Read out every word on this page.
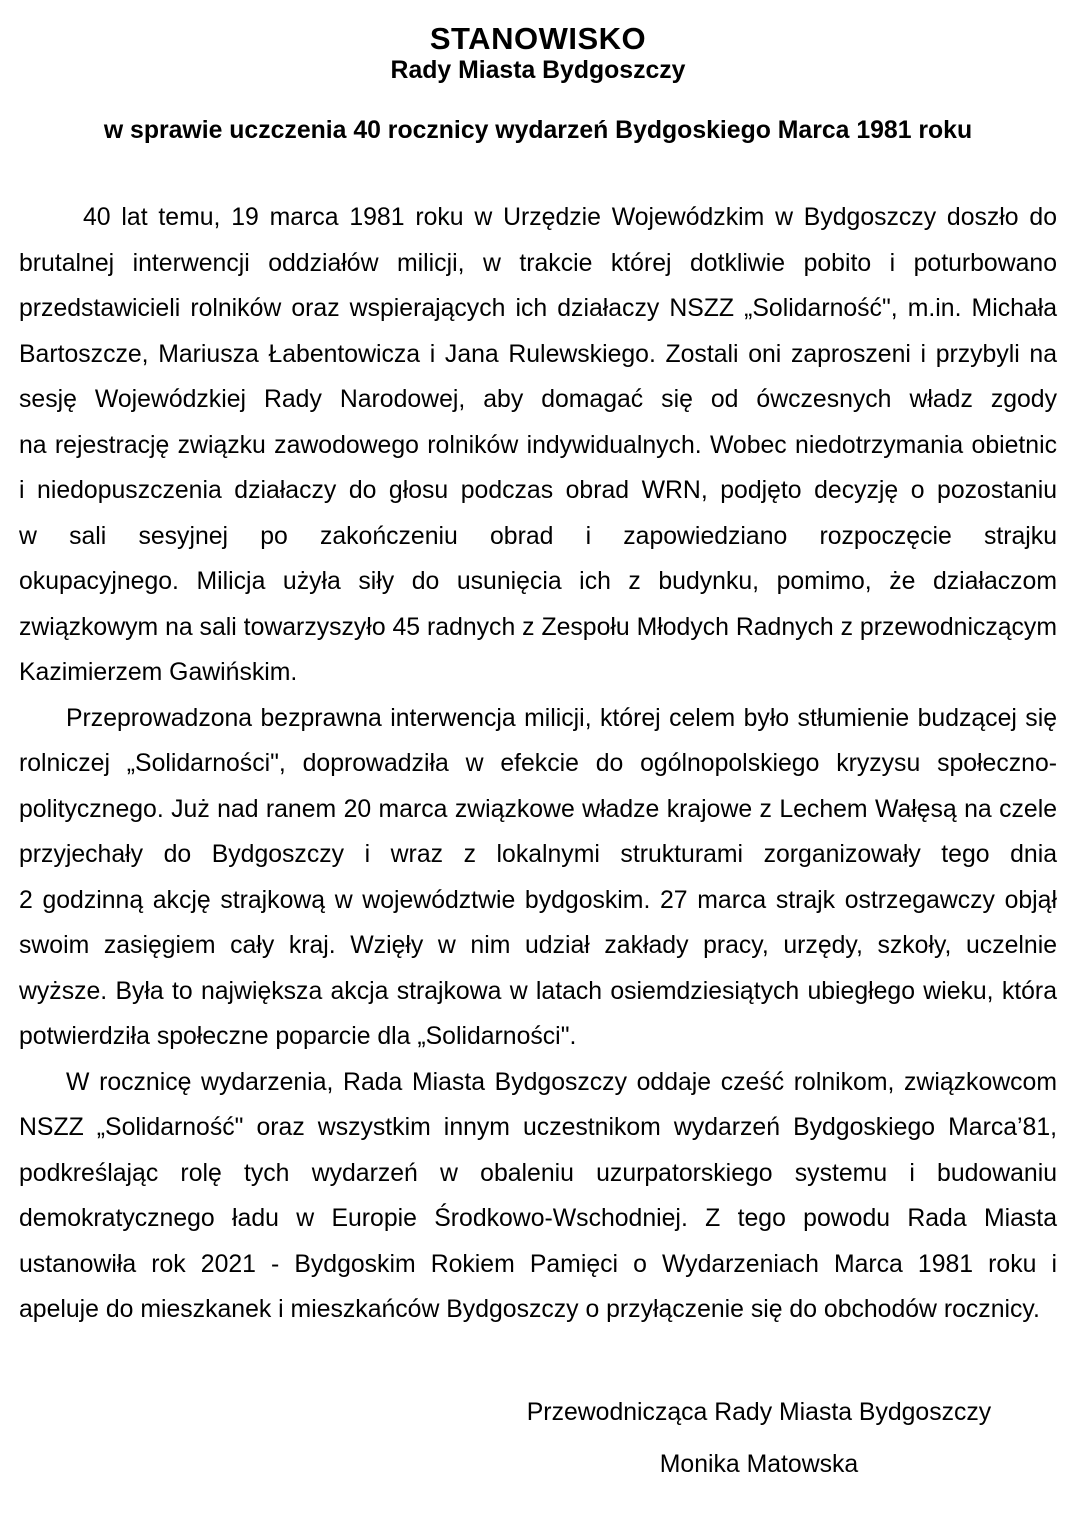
STANOWISKO
Rady Miasta Bydgoszczy
w sprawie uczczenia 40 rocznicy wydarzeń Bydgoskiego Marca 1981 roku

40 lat temu, 19 marca 1981 roku w Urzędzie Wojewódzkim w Bydgoszczy doszło do brutalnej interwencji oddziałów milicji, w trakcie której dotkliwie pobito i poturbowano przedstawicieli rolników oraz wspierających ich działaczy NSZZ „Solidarność", m.in. Michała Bartoszcze, Mariusza Łabentowicza i Jana Rulewskiego. Zostali oni zaproszeni i przybyli na sesję Wojewódzkiej Rady Narodowej, aby domagać się od ówczesnych władz zgody na rejestrację związku zawodowego rolników indywidualnych. Wobec niedotrzymania obietnic i niedopuszczenia działaczy do głosu podczas obrad WRN, podjęto decyzję o pozostaniu w sali sesyjnej po zakończeniu obrad i zapowiedziano rozpoczęcie strajku okupacyjnego. Milicja użyła siły do usunięcia ich z budynku, pomimo, że działaczom związkowym na sali towarzyszyło 45 radnych z Zespołu Młodych Radnych z przewodniczącym Kazimierzem Gawińskim.

Przeprowadzona bezprawna interwencja milicji, której celem było stłumienie budzącej się rolniczej „Solidarności", doprowadziła w efekcie do ogólnopolskiego kryzysu społeczno-politycznego. Już nad ranem 20 marca związkowe władze krajowe z Lechem Wałęsą na czele przyjechały do Bydgoszczy i wraz z lokalnymi strukturami zorganizowały tego dnia 2 godzinną akcję strajkową w województwie bydgoskim. 27 marca strajk ostrzegawczy objął swoim zasięgiem cały kraj. Wzięły w nim udział zakłady pracy, urzędy, szkoły, uczelnie wyższe. Była to największa akcja strajkowa w latach osiemdziesiątych ubiegłego wieku, która potwierdziła społeczne poparcie dla „Solidarności".

W rocznicę wydarzenia, Rada Miasta Bydgoszczy oddaje cześć rolnikom, związkowcom NSZZ „Solidarność" oraz wszystkim innym uczestnikom wydarzeń Bydgoskiego Marca’81, podkreślając rolę tych wydarzeń w obaleniu uzurpatorskiego systemu i budowaniu demokratycznego ładu w Europie Środkowo-Wschodniej. Z tego powodu Rada Miasta ustanowiła rok 2021 - Bydgoskim Rokiem Pamięci o Wydarzeniach Marca 1981 roku i apeluje do mieszkanek i mieszkańców Bydgoszczy o przyłączenie się do obchodów rocznicy.

Przewodnicząca Rady Miasta Bydgoszczy
Monika Matowska
